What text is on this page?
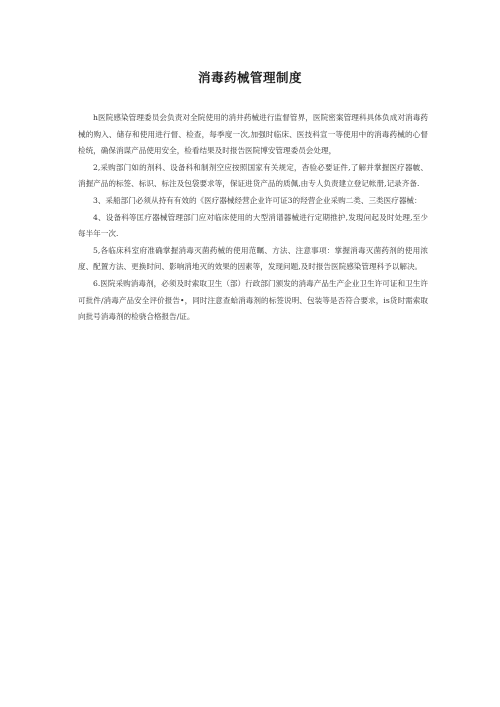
消毒药械管理制度

h医院感染管理委员会负责对全院使用的消井药械进行监督管界，医院密案管理科具体负成对消毒药械的购入、储存和使用进行督、检查，每季度一次,加强时临床、医技科宣一等使用中的消毒药械的心督检统，确保消谋产品使用安全，检看结果及时报告医院博安管理委员会处理，

2,采购部门如的剂科、设备科和制剂空应按照国家有关规定，杳验必要证件,了解并掌握医疗器帔、消握产品的标签、标识、标注及包袋要求等，保证进货产品的质佩,由专人负责建立登记帐册,记录齐备.

3、采船部门必须从持有有效的《医疗器械经营企业许可证3的羟营企业采购二类、三类医疗器械：

4、设备科等匡疗器械管理部门应对临床使用的大型消谱器械进行定期推护,发現问起及时处理,至少每半年一次.

5,各临床科室府准确掌握消毒灭菌药械的使用范瞩、方法、注意事项：掌握消毒灭菌药剂的使用浓度、配置方法、更换时问、影响消地灭的效果的因素等，发现问题,及时报告医院感染管理科予以解决。

6.医院采购消毒剂，必须及时索取卫生（部）行政部门颁发的消毒产品生产企业卫生许可证和卫生许可批件/消毒产品安全评价报告•，同时注意查蛤消毒剂的标签说明、包装等是否符合要求，is货时需索取向批号消毒剂的检骁合格报告/证。
